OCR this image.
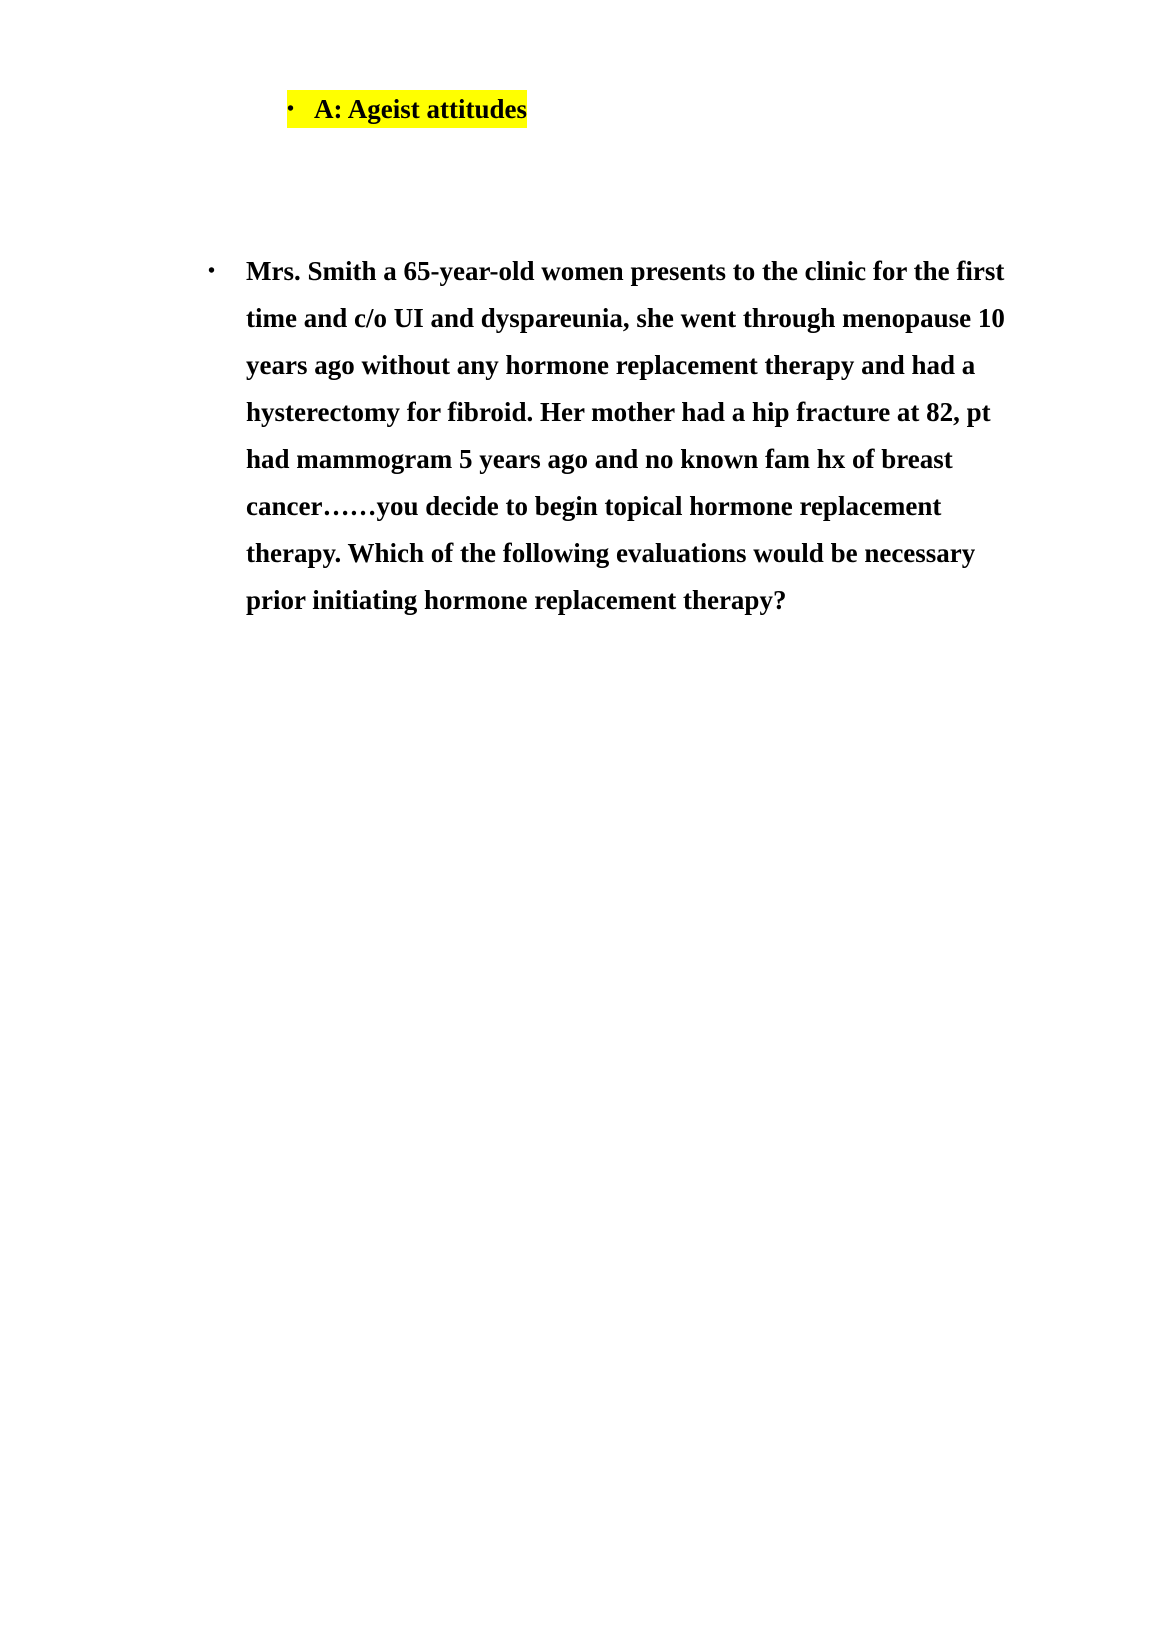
• A: Ageist attitudes
•	Mrs. Smith a 65-year-old women presents to the clinic for the first
time and c/o UI and dyspareunia, she went through menopause 10
years ago without any hormone replacement therapy and had a
hysterectomy for fibroid. Her mother had a hip fracture at 82, pt
had mammogram 5 years ago and no known fam hx of breast
cancer……you decide to begin topical hormone replacement
therapy. Which of the following evaluations would be necessary
prior initiating hormone replacement therapy?
